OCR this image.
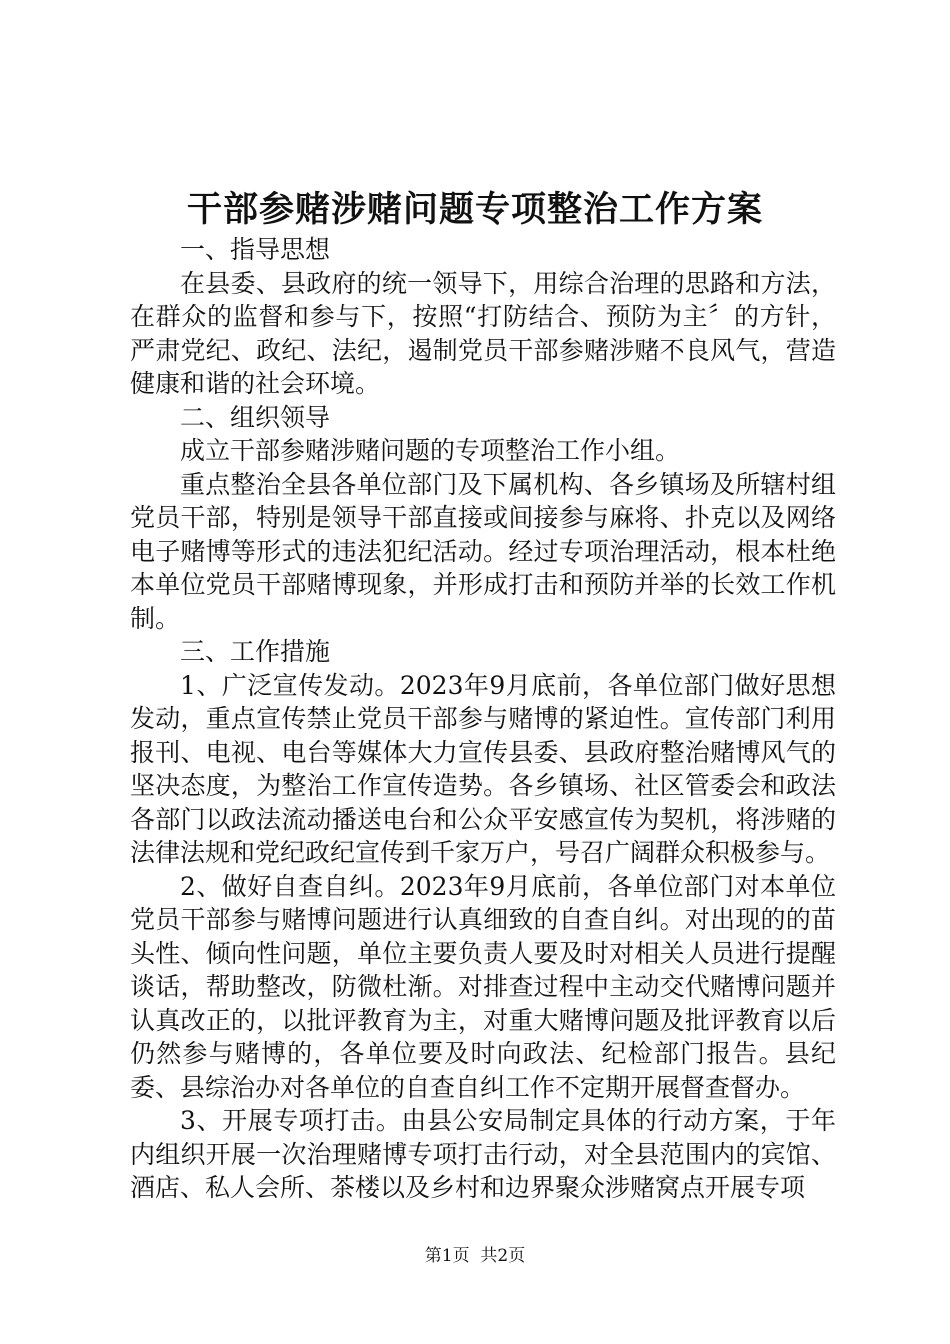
干部参赌涉赌问题专项整治工作方案

一、指导思想

在县委、县政府的统一领导下，用综合治理的思路和方法，在群众的监督和参与下，按照“打防结合、预防为主〞的方针，严肃党纪、政纪、法纪，遏制党员干部参赌涉赌不良风气，营造健康和谐的社会环境。

二、组织领导

成立干部参赌涉赌问题的专项整治工作小组。

重点整治全县各单位部门及下属机构、各乡镇场及所辖村组党员干部，特别是领导干部直接或间接参与麻将、扑克以及网络电子赌博等形式的违法犯纪活动。经过专项治理活动，根本杜绝本单位党员干部赌博现象，并形成打击和预防并举的长效工作机制。

三、工作措施

1、广泛宣传发动。2023年9月底前，各单位部门做好思想发动，重点宣传禁止党员干部参与赌博的紧迫性。宣传部门利用报刊、电视、电台等媒体大力宣传县委、县政府整治赌博风气的坚决态度，为整治工作宣传造势。各乡镇场、社区管委会和政法各部门以政法流动播送电台和公众平安感宣传为契机，将涉赌的法律法规和党纪政纪宣传到千家万户，号召广阔群众积极参与。

2、做好自查自纠。2023年9月底前，各单位部门对本单位党员干部参与赌博问题进行认真细致的自查自纠。对出现的的苗头性、倾向性问题，单位主要负责人要及时对相关人员进行提醒谈话，帮助整改，防微杜渐。对排查过程中主动交代赌博问题并认真改正的，以批评教育为主，对重大赌博问题及批评教育以后仍然参与赌博的，各单位要及时向政法、纪检部门报告。县纪委、县综治办对各单位的自查自纠工作不定期开展督查督办。

3、开展专项打击。由县公安局制定具体的行动方案，于年内组织开展一次治理赌博专项打击行动，对全县范围内的宾馆、酒店、私人会所、茶楼以及乡村和边界聚众涉赌窝点开展专项

第1页 共2页
